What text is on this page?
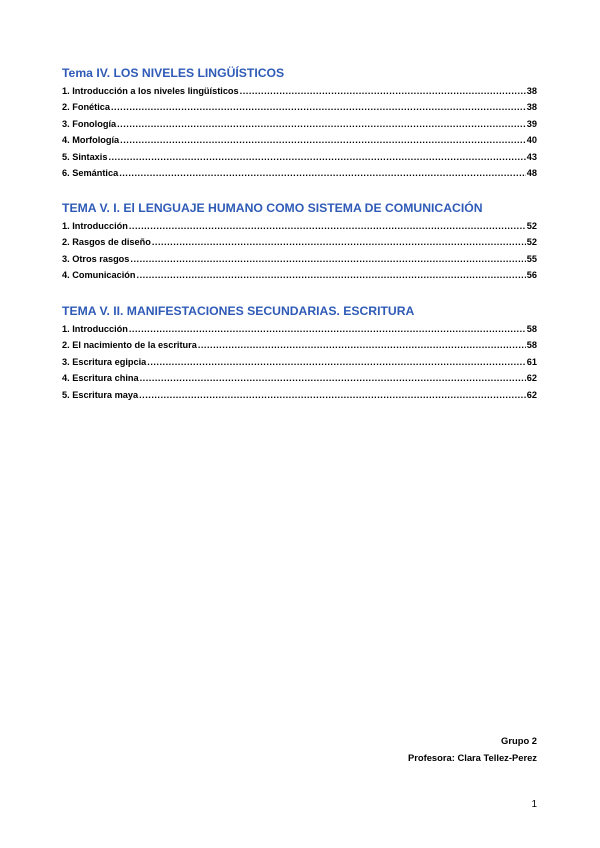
Tema IV. LOS NIVELES LINGÜÍSTICOS
1. Introducción a los niveles lingüísticos .....	38
2. Fonética .....	38
3. Fonología .....	39
4. Morfología .....	40
5. Sintaxis .....	43
6. Semántica .....	48
TEMA V. I. El LENGUAJE HUMANO COMO SISTEMA DE COMUNICACIÓN
1. Introducción .....	52
2. Rasgos de diseño .....	52
3. Otros rasgos .....	55
4. Comunicación .....	56
TEMA V. II. MANIFESTACIONES SECUNDARIAS. ESCRITURA
1. Introducción .....	58
2. El nacimiento de la escritura .....	58
3. Escritura egipcia .....	61
4. Escritura china .....	62
5. Escritura maya .....	62
Grupo 2
Profesora: Clara Tellez-Perez
1
